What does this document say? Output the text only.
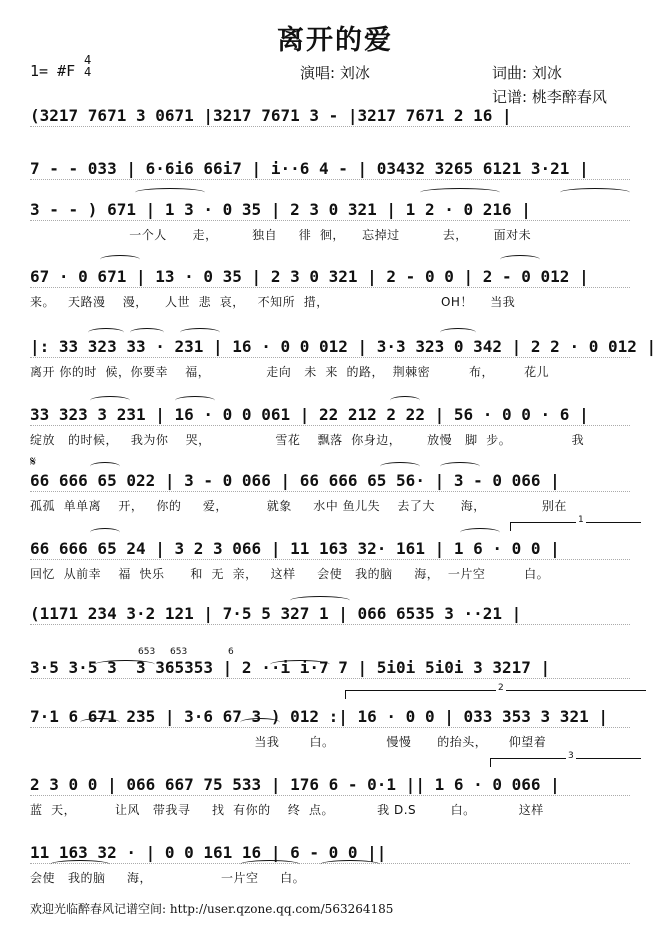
离开的爱
1= #F
4
4	演唱: 刘冰	词曲: 刘冰
记谱: 桃李醉春风
(3217 7671 3 0671 |3217 7671 3 - |3217 7671 2 16 |
7 - - 033 | 6·6i6 66i7 | i··6 4 - | 03432 3265 6121 3·21 |
3 - - ) 671 | 1 3 · 0 35 | 2 3 0 321 | 1 2 · 0 216 |
一个人      走，        独自     徘  徊，    忘掉过          去，      面对未
67 · 0 671 | 13 · 0 35 | 2 3 0 321 | 2 - 0 0 | 2 - 0 012 |
来。   天路漫    漫，    人世  悲  哀，   不知所  措，                          OH！    当我
|: 33 323 33 · 231 | 16 · 0 0 012 | 3·3 323 0 342 | 2 2 · 0 012 |
离开 你的时  候，你要幸    福，             走向   未  来  的路，  荆棘密         布，       花儿
33 323 3 231 | 16 · 0 0 061 | 22 212 2 22 | 56 · 0 0 · 6 |
绽放   的时候，   我为你    哭，               雪花    飘落  你身边，      放慢   脚  步。              我
66 666 65 022 | 3 - 0 066 | 66 666 65 56· | 3 - 0 066 |
孤孤  单单离    开，   你的     爱，         就象     水中 鱼儿失    去了大      海，             别在
66 666 65 24 | 3 2 3 066 | 11 163 32· 161 | 1 6 · 0 0 |
回忆  从前幸    福  快乐      和  无  亲，   这样     会使   我的脑     海，  一片空         白。
(1171 234 3·2 121 | 7·5 5 327 1 | 066 6535 3 ··21 |
3·5 3·5 3  3 365353 | 2 ··i i·7 7 | 5i0i 5i0i 3 3217 |
7·1 6 671 235 | 3·6 67 3 ) 012 :| 16 · 0 0 | 033 353 3 321 |
当我       白。            慢慢      的抬头，     仰望着
2 3 0 0 | 066 667 75 533 | 176 6 - 0·1 || 1 6 · 0 066 |
蓝  天，         让风   带我寻     找  有你的    终  点。          我 D.S        白。          这样
11 163 32 · | 0 0 161 16 | 6 - 0 0 ||
会使   我的脑     海，                一片空     白。
欢迎光临醉春风记谱空间: http://user.qzone.qq.com/563264185
𝄋
1
2
3
653 653	6
